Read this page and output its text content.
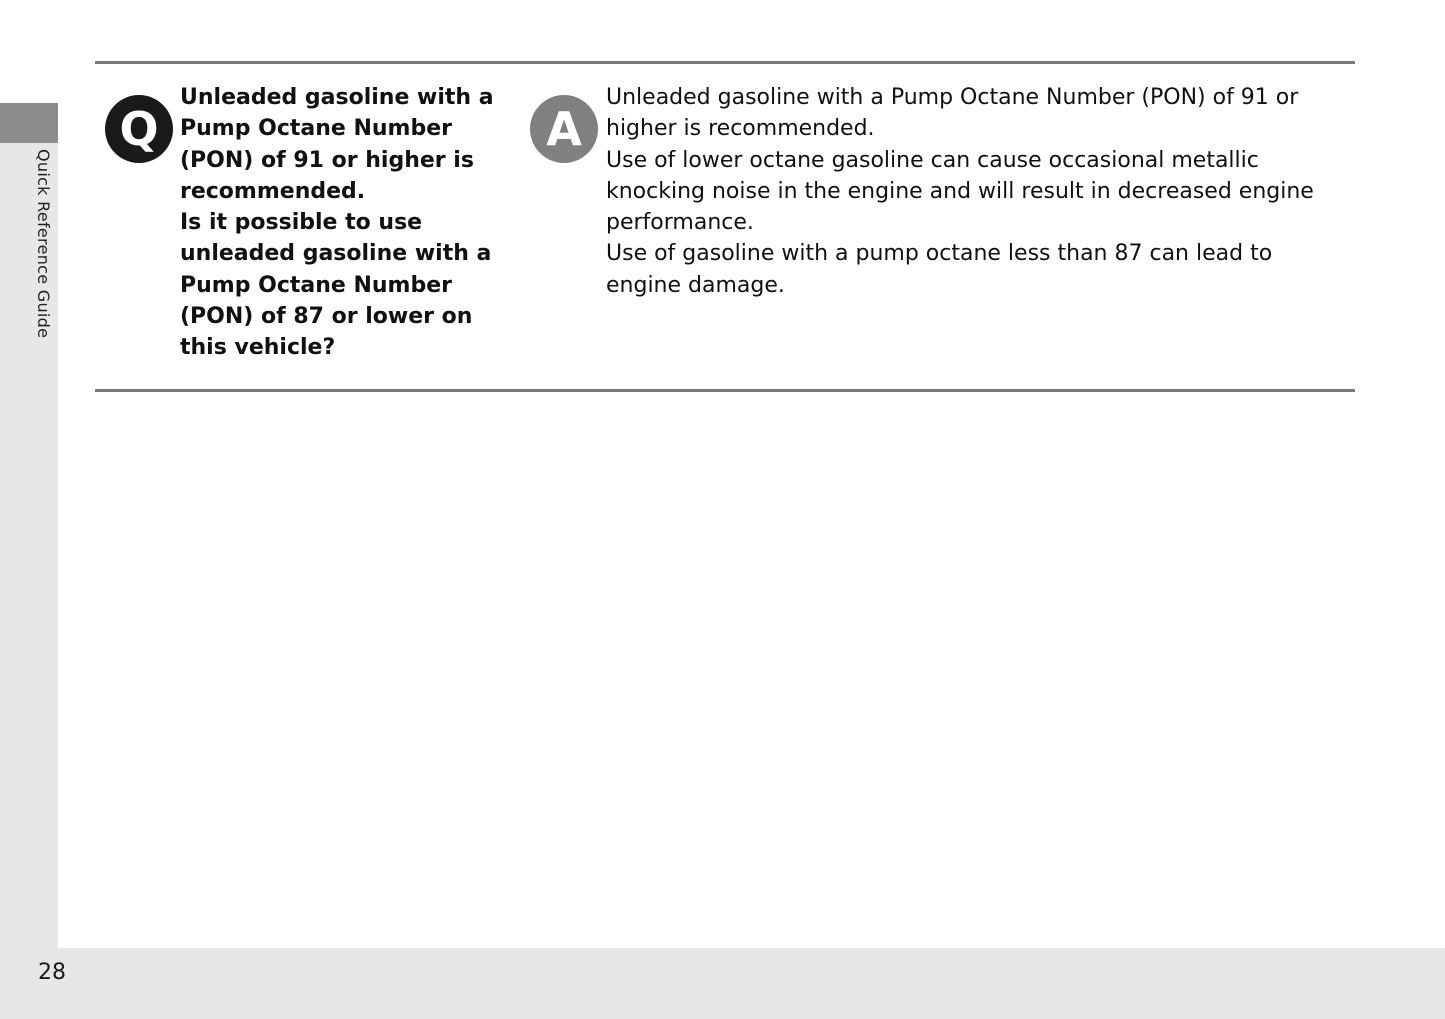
Quick Reference Guide
Q
Unleaded gasoline with a
Pump Octane Number
(PON) of 91 or higher is
recommended.
Is it possible to use
unleaded gasoline with a
Pump Octane Number
(PON) of 87 or lower on
this vehicle?
A
Unleaded gasoline with a Pump Octane Number (PON) of 91 or
higher is recommended.
Use of lower octane gasoline can cause occasional metallic
knocking noise in the engine and will result in decreased engine
performance.
Use of gasoline with a pump octane less than 87 can lead to
engine damage.
28
